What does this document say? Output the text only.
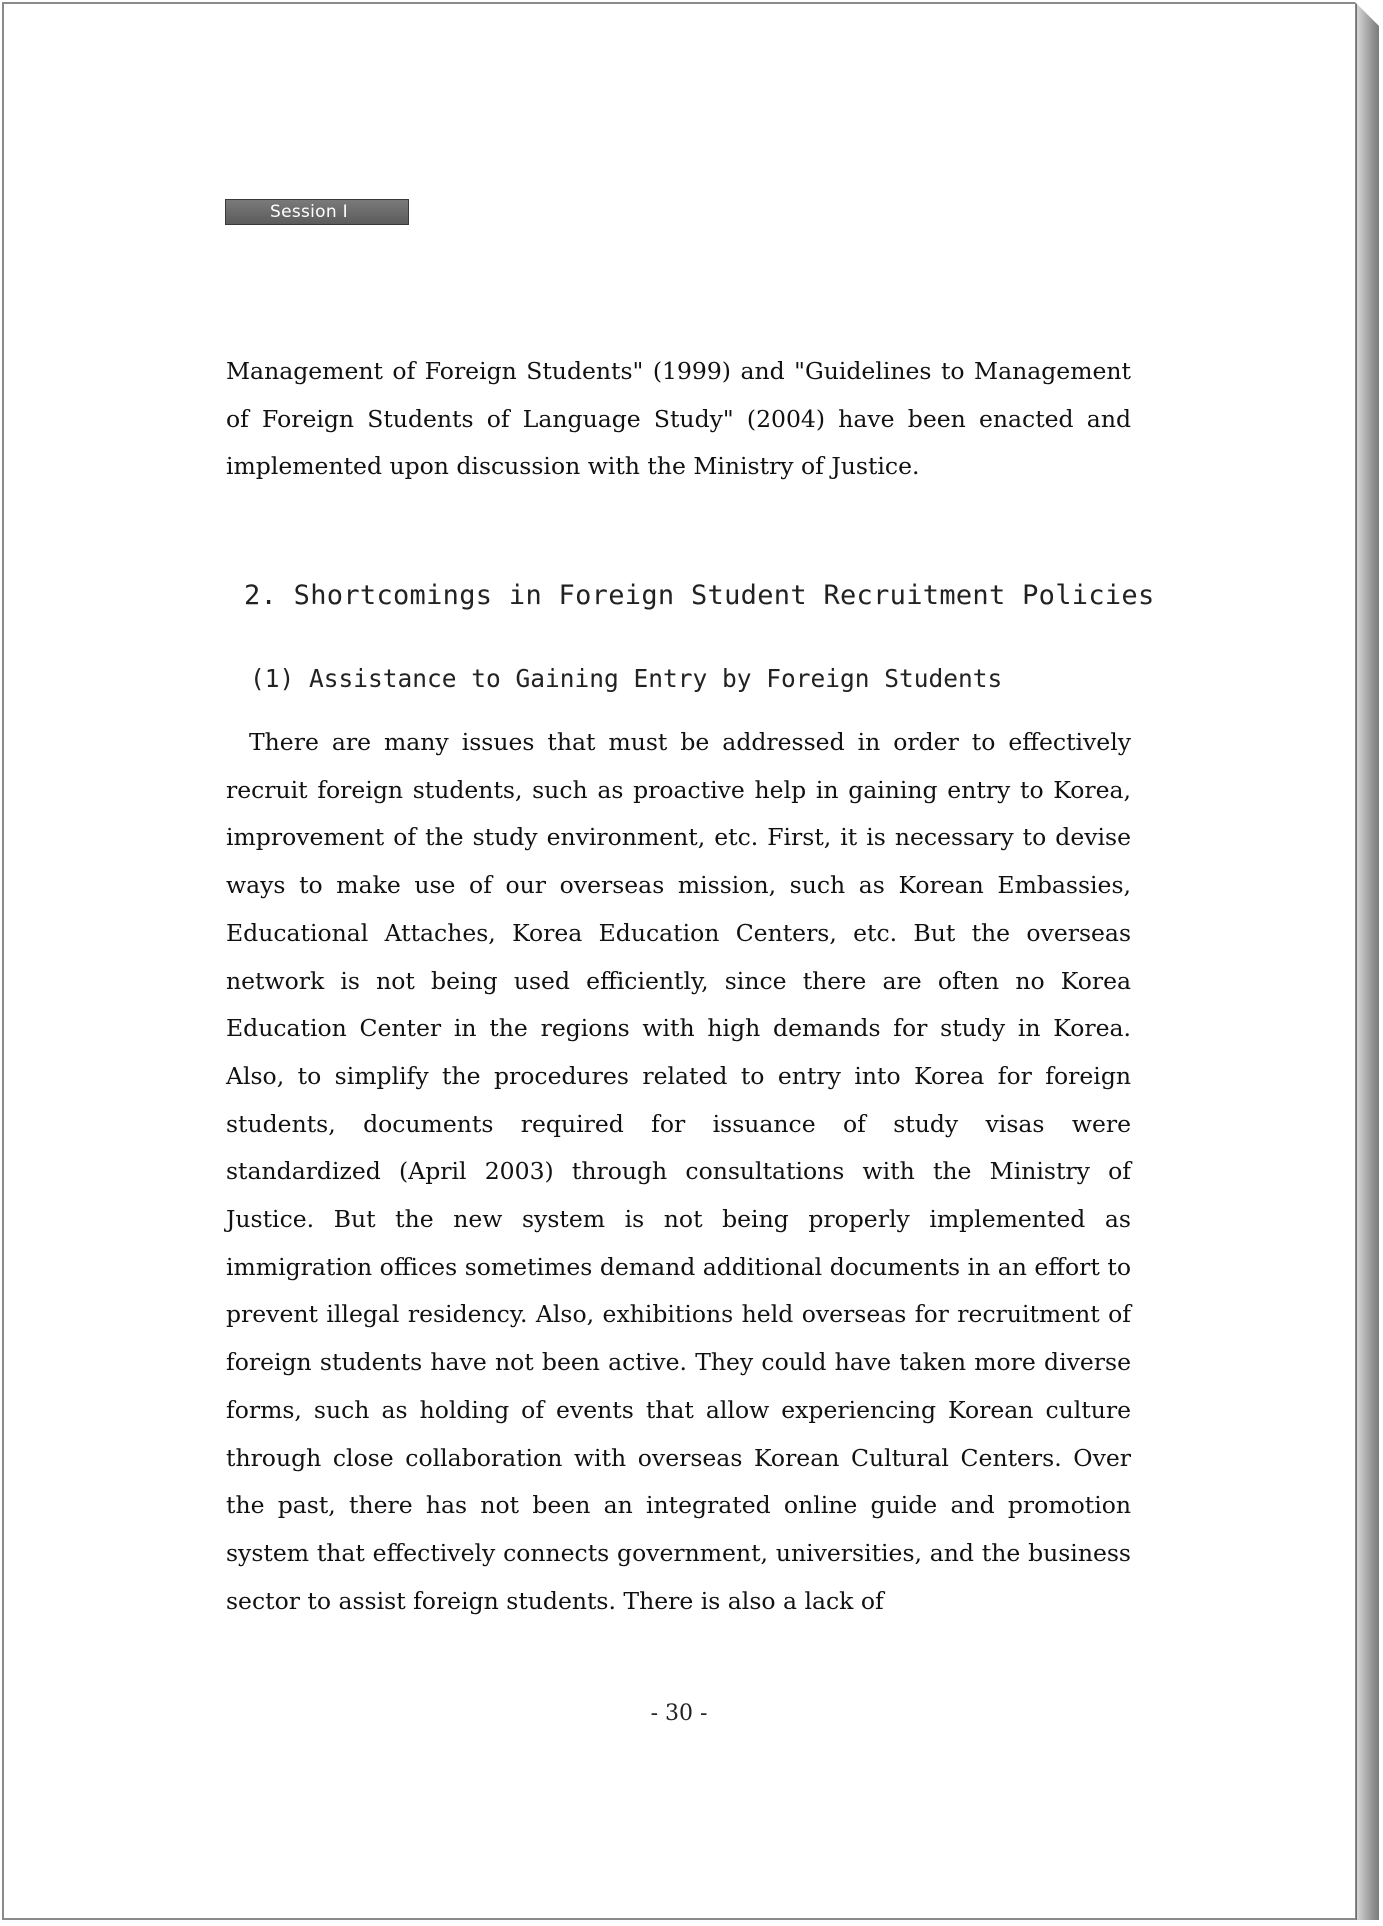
Session Ⅰ

Management of Foreign Students" (1999) and "Guidelines to Management of Foreign Students of Language Study" (2004) have been enacted and implemented upon discussion with the Ministry of Justice.

2. Shortcomings in Foreign Student Recruitment Policies
(1) Assistance to Gaining Entry by Foreign Students

There are many issues that must be addressed in order to effectively recruit foreign students, such as proactive help in gaining entry to Korea, improvement of the study environment, etc. First, it is necessary to devise ways to make use of our overseas mission, such as Korean Embassies, Educational Attaches, Korea Education Centers, etc. But the overseas network is not being used efficiently, since there are often no Korea Education Center in the regions with high demands for study in Korea. Also, to simplify the procedures related to entry into Korea for foreign students, documents required for issuance of study visas were standardized (April 2003) through consultations with the Ministry of Justice. But the new system is not being properly implemented as immigration offices sometimes demand additional documents in an effort to prevent illegal residency. Also, exhibitions held overseas for recruitment of foreign students have not been active. They could have taken more diverse forms, such as holding of events that allow experiencing Korean culture through close collaboration with overseas Korean Cultural Centers. Over the past, there has not been an integrated online guide and promotion system that effectively connects government, universities, and the business sector to assist foreign students. There is also a lack of

- 30 -
